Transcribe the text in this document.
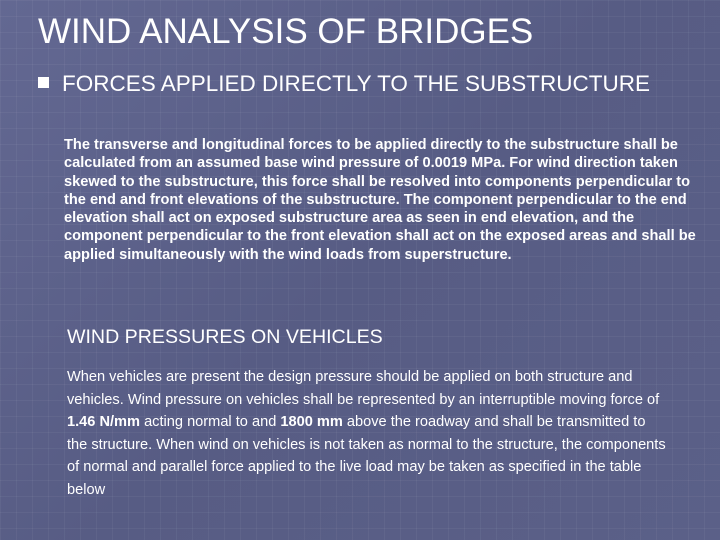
WIND ANALYSIS OF BRIDGES
FORCES APPLIED DIRECTLY TO THE SUBSTRUCTURE

The transverse and longitudinal forces to be applied directly to the substructure shall be calculated from an assumed base wind pressure of 0.0019 MPa. For wind direction taken skewed to the substructure, this force shall be resolved into components perpendicular to the end and front elevations of the substructure. The component perpendicular to the end elevation shall act on exposed substructure area as seen in end elevation, and the component perpendicular to the front elevation shall act on the exposed areas and shall be applied simultaneously with the wind loads from superstructure.

WIND PRESSURES ON VEHICLES

When vehicles are present the design pressure should be applied on both structure and vehicles. Wind pressure on vehicles shall be represented by an interruptible moving force of 1.46 N/mm acting normal to and 1800 mm above the roadway and shall be transmitted to the structure. When wind on vehicles is not taken as normal to the structure, the components of normal and parallel force applied to the live load may be taken as specified in the table below
